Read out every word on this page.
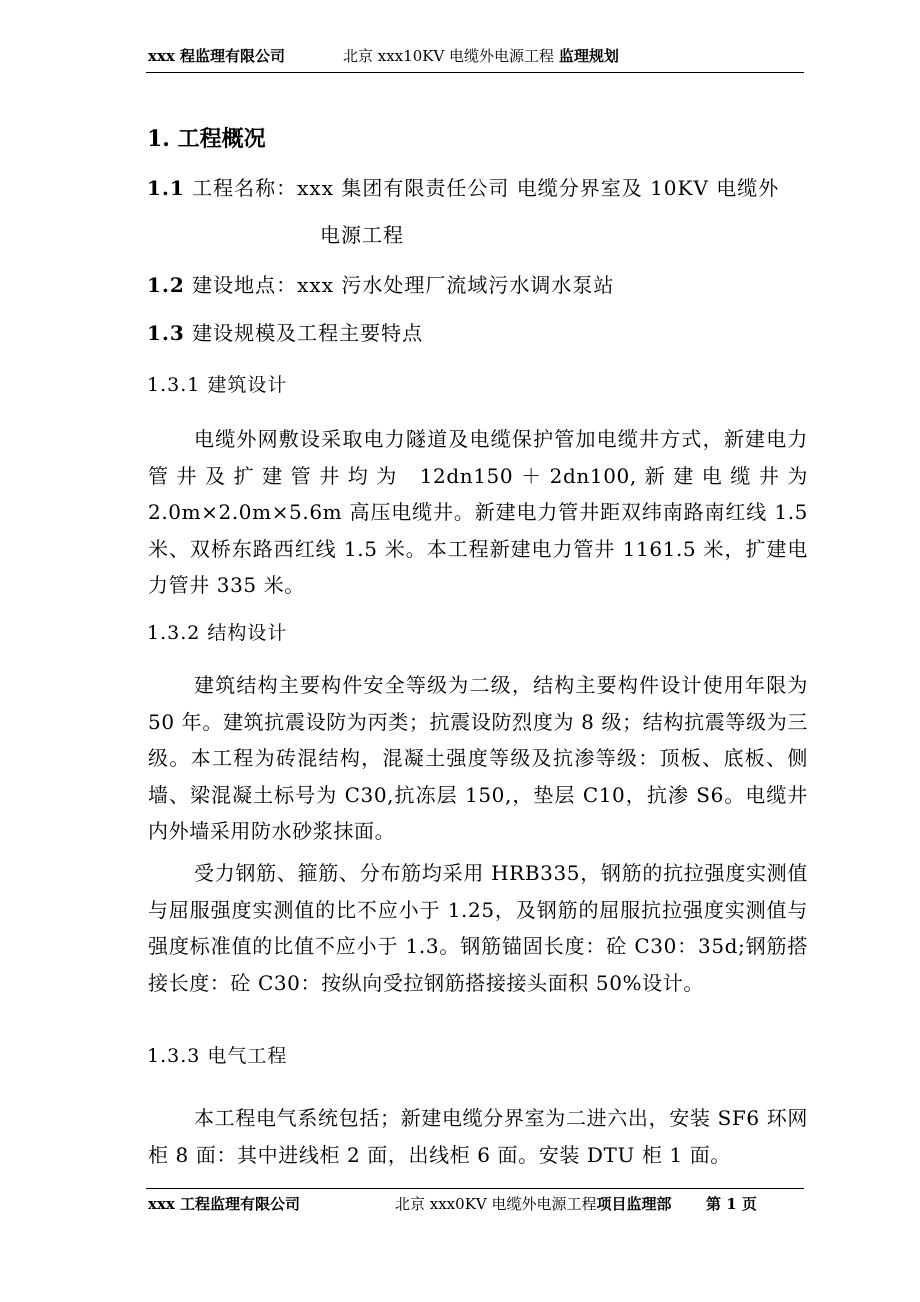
xxx 程监理有限公司	北京 xxx10KV 电缆外电源工程 监理规划
1. 工程概况
1.1 工程名称：xxx 集团有限责任公司 电缆分界室及 10KV 电缆外
电源工程
1.2 建设地点：xxx 污水处理厂流域污水调水泵站
1.3 建设规模及工程主要特点
1.3.1 建筑设计

电缆外网敷设采取电力隧道及电缆保护管加电缆井方式，新建电力管井及扩建管井均为 12dn150＋2dn100,新建电缆井为 2.0m×2.0m×5.6m 高压电缆井。新建电力管井距双纬南路南红线 1.5 米、双桥东路西红线 1.5 米。本工程新建电力管井 1161.5 米，扩建电力管井 335 米。

1.3.2 结构设计

建筑结构主要构件安全等级为二级，结构主要构件设计使用年限为 50 年。建筑抗震设防为丙类；抗震设防烈度为 8 级；结构抗震等级为三级。本工程为砖混结构，混凝土强度等级及抗渗等级：顶板、底板、侧墙、梁混凝土标号为 C30,抗冻层 150,，垫层 C10，抗渗 S6。电缆井内外墙采用防水砂浆抹面。

受力钢筋、箍筋、分布筋均采用 HRB335，钢筋的抗拉强度实测值与屈服强度实测值的比不应小于 1.25，及钢筋的屈服抗拉强度实测值与强度标准值的比值不应小于 1.3。钢筋锚固长度：砼 C30：35d;钢筋搭接长度：砼 C30：按纵向受拉钢筋搭接接头面积 50%设计。

1.3.3 电气工程

本工程电气系统包括；新建电缆分界室为二进六出，安装 SF6 环网柜 8 面：其中进线柜 2 面，出线柜 6 面。安装 DTU 柜 1 面。

xxx 工程监理有限公司	北京 xxx0KV 电缆外电源工程项目监理部 第 1 页
